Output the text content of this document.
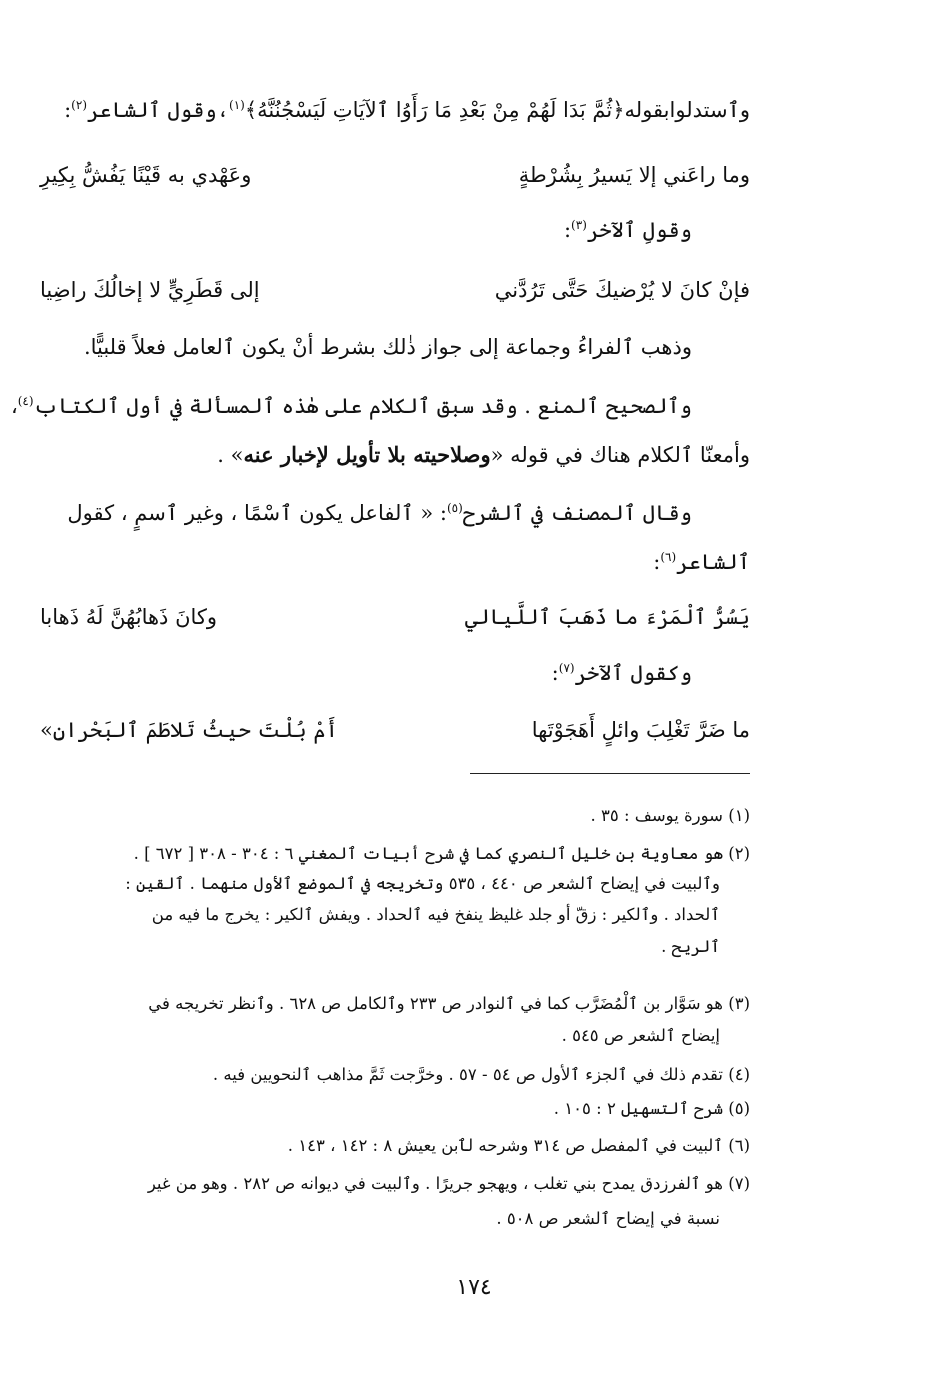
وٱستدلوابقوله﴿ثُمَّ بَدَا لَهُمْ مِنْ بَعْدِ مَا رَأَوُا ٱلآيَاتِ لَيَسْجُنُنَّهُ﴾$^{(١)}$،وقول ٱلشاعر$^{(٢)}$:
وما راعَني إلا يَسيرُ بِشُرْطةٍ
وعَهْدي به قَيْنًا يَفُشُّ بِكِيرِ
وقولِ ٱلآخر$^{(٣)}$:
فإنْ كانَ لا يُرْضيكَ حَتَّى تَرُدَّني
إلى قَطَرِيٍّ لا إخالُكَ راضِيا
وذهب ٱلفراءُ وجماعة إلى جواز ذٰلك بشرط أنْ يكون ٱلعامل فعلاً قلبيًّا.
وٱلصحيح ٱلمنع . وقد سبق ٱلكلام على هٰذه ٱلمسألة في أول ٱلكتاب$^{(٤)}$،
وأمعنّا ٱلكلام هناك في قوله «وصلاحيته بلا تأويل لإخبار عنه» .
وقال ٱلمصنف في ٱلشرح$^{(٥)}$: « ٱلفاعل يكون ٱسْمًا ، وغير ٱسمٍ ، كقول
ٱلشاعر$^{(٦)}$:
يَسُرُّ ٱلْمَرْءَ ما ذَهَبَ ٱللَّيالي
وكانَ ذَهابُهُنَّ لَهُ ذَهابا
وكقول ٱلآخر$^{(٧)}$:
ما ضَرَّ تَغْلِبَ وائلٍ أَهَجَوْتَها
أَمْ بُلْتَ حيثُ تَلاطَمَ ٱلبَحْرانِ»
(١) سورة يوسف : ٣٥ .
(٢) هو معاوية بن خليل ٱلنصري كما في شرح أبيات ٱلمغني ٦ : ٣٠٤ - ٣٠٨ [ ٦٧٢ ] .
وٱلبيت في إيضاح ٱلشعر ص ٤٤٠ ، ٥٣٥ وتخريجه في ٱلموضع ٱلأول منهما . ٱلقين :
ٱلحداد . وٱلكير : زقّ أو جلد غليظ ينفخ فيه ٱلحداد . ويفش ٱلكير : يخرج ما فيه من
ٱلريح .
(٣) هو سَوَّار بن ٱلْمُضَرَّب كما في ٱلنوادر ص ٢٣٣ وٱلكامل ص ٦٢٨ . وٱنظر تخريجه في
إيضاح ٱلشعر ص ٥٤٥ .
(٤) تقدم ذلك في ٱلجزء ٱلأول ص ٥٤ - ٥٧ . وخرَّجت ثَمَّ مذاهب ٱلنحويين فيه .
(٥) شرح ٱلتسهيل ٢ : ١٠٥ .
(٦) ٱلبيت في ٱلمفصل ص ٣١٤ وشرحه لٱبن يعيش ٨ : ١٤٢ ، ١٤٣ .
(٧) هو ٱلفرزدق يمدح بني تغلب ، ويهجو جريرًا . وٱلبيت في ديوانه ص ٢٨٢ . وهو من غير
نسبة في إيضاح ٱلشعر ص ٥٠٨ .
١٧٤
